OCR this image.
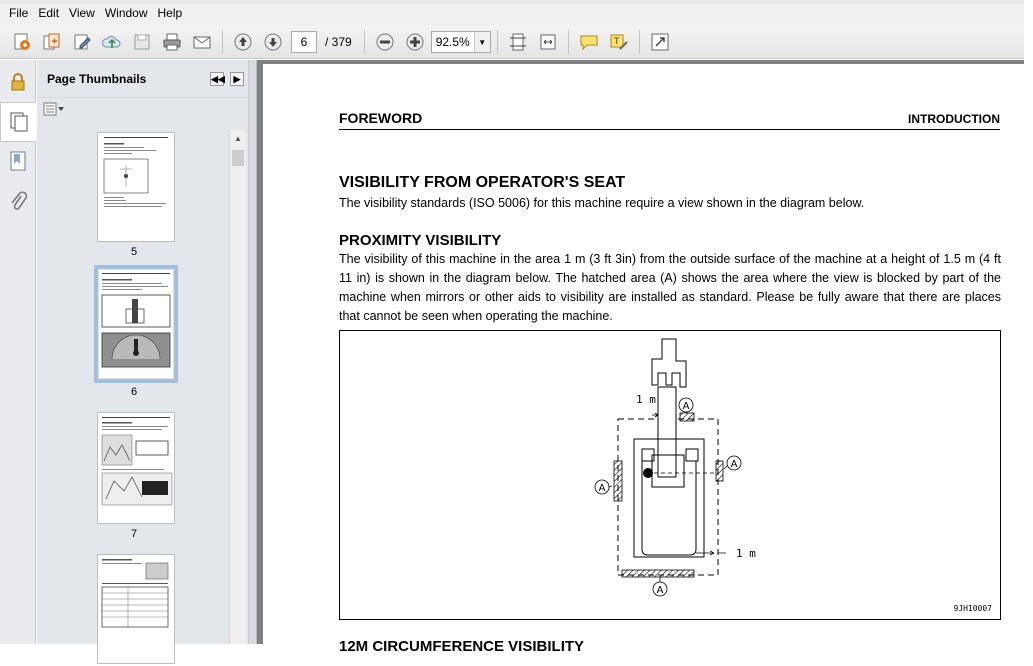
File Edit View Window Help
6	/ 379	92.5%	▼	T
Page Thumbnails	◀◀ ▶
5
6
7
▲
FOREWORD	INTRODUCTION
VISIBILITY FROM OPERATOR'S SEAT
The visibility standards (ISO 5006) for this machine require a view shown in the diagram below.
PROXIMITY VISIBILITY
The visibility of this machine in the area 1 m (3 ft 3in) from the outside surface of the machine at a height of 1.5 m (4 ft 11 in) is shown in the diagram below. The hatched area (A) shows the area where the view is blocked by part of the machine when mirrors or other aids to visibility are installed as standard. Please be fully aware that there are places that cannot be seen when operating the machine.
A
A
A
A
1 m
1 m
9JH10007
12M CIRCUMFERENCE VISIBILITY
